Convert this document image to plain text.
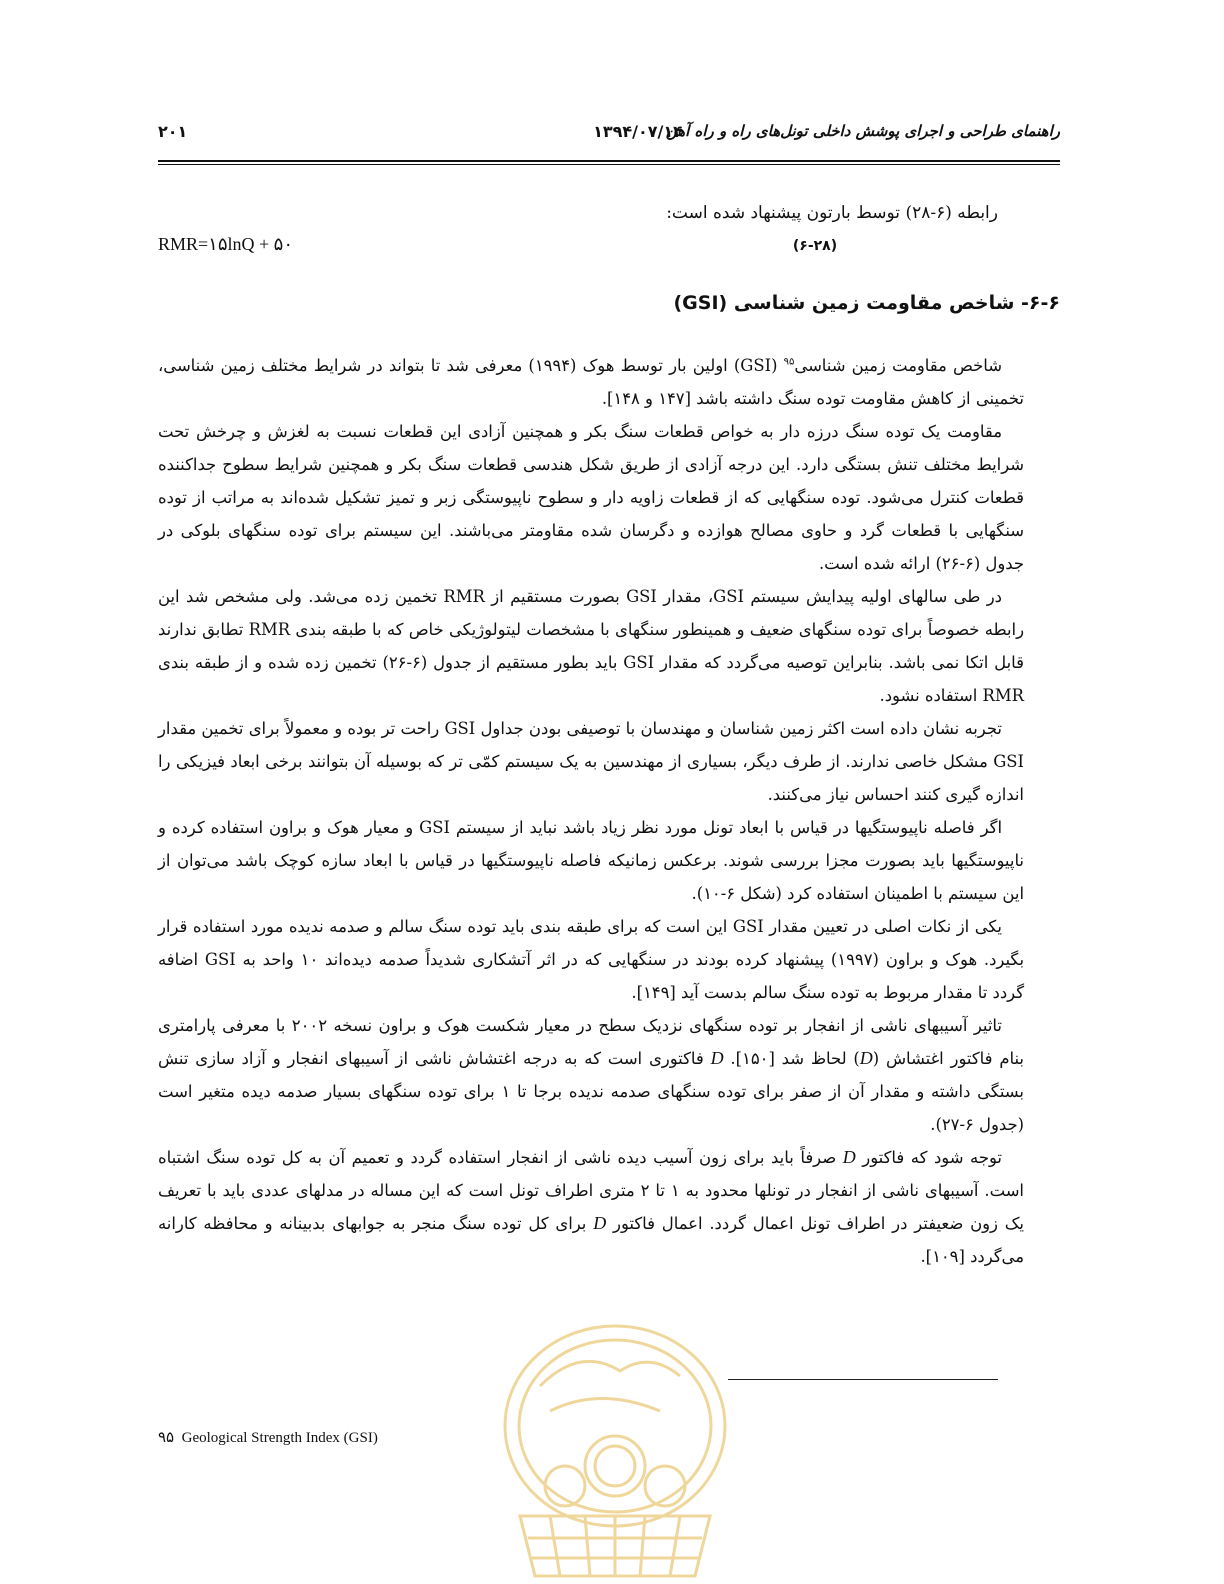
راهنمای طراحی و اجرای پوشش داخلی تونل‌های راه و راه آهن
۱۳۹۴/۰۷/۱۴
۲۰۱
رابطه (۶-۲۸) توسط بارتون پیشنهاد شده است:
RMR=۱۵lnQ + ۵۰	(۶-۲۸)
۶-۶- شاخص مقاومت زمین شناسی (GSI)

شاخص مقاومت زمین شناسی$^{۹۵}$ (GSI) اولین بار توسط هوک (۱۹۹۴) معرفی شد تا بتواند در شرایط مختلف زمین شناسی، تخمینی از کاهش مقاومت توده سنگ داشته باشد [۱۴۷ و ۱۴۸].

مقاومت یک توده سنگ درزه دار به خواص قطعات سنگ بکر و همچنین آزادی این قطعات نسبت به لغزش و چرخش تحت شرایط مختلف تنش بستگی دارد. این درجه آزادی از طریق شکل هندسی قطعات سنگ بکر و همچنین شرایط سطوح جداکننده قطعات کنترل می‌شود. توده سنگهایی که از قطعات زاویه دار و سطوح ناپیوستگی زبر و تمیز تشکیل شده‌اند به مراتب از توده سنگهایی با قطعات گرد و حاوی مصالح هوازده و دگرسان شده مقاومتر می‌باشند. این سیستم برای توده سنگهای بلوکی در جدول (۶-۲۶) ارائه شده است.

در طی سالهای اولیه پیدایش سیستم GSI، مقدار GSI بصورت مستقیم از RMR تخمین زده می‌شد. ولی مشخص شد این رابطه خصوصاً برای توده سنگهای ضعیف و همینطور سنگهای با مشخصات لیتولوژیکی خاص که با طبقه بندی RMR تطابق ندارند قابل اتکا نمی باشد. بنابراین توصیه می‌گردد که مقدار GSI باید بطور مستقیم از جدول (۶-۲۶) تخمین زده شده و از طبقه بندی RMR استفاده نشود.

تجربه نشان داده است اکثر زمین شناسان و مهندسان با توصیفی بودن جداول GSI راحت تر بوده و معمولاً برای تخمین مقدار GSI مشکل خاصی ندارند. از طرف دیگر، بسیاری از مهندسین به یک سیستم کمّی تر که بوسیله آن بتوانند برخی ابعاد فیزیکی را اندازه گیری کنند احساس نیاز می‌کنند.

اگر فاصله ناپیوستگیها در قیاس با ابعاد تونل مورد نظر زیاد باشد نباید از سیستم GSI و معیار هوک و براون استفاده کرده و ناپیوستگیها باید بصورت مجزا بررسی شوند. برعکس زمانیکه فاصله ناپیوستگیها در قیاس با ابعاد سازه کوچک باشد می‌توان از این سیستم با اطمینان استفاده کرد (شکل ۶-۱۰).

یکی از نکات اصلی در تعیین مقدار GSI این است که برای طبقه بندی باید توده سنگ سالم و صدمه ندیده مورد استفاده قرار بگیرد. هوک و براون (۱۹۹۷) پیشنهاد کرده بودند در سنگهایی که در اثر آتشکاری شدیداً صدمه دیده‌اند ۱۰ واحد به GSI اضافه گردد تا مقدار مربوط به توده سنگ سالم بدست آید [۱۴۹].

تاثیر آسیبهای ناشی از انفجار بر توده سنگهای نزدیک سطح در معیار شکست هوک و براون نسخه ۲۰۰۲ با معرفی پارامتری بنام فاکتور اغتشاش (D) لحاظ شد [۱۵۰]. D فاکتوری است که به درجه اغتشاش ناشی از آسیبهای انفجار و آزاد سازی تنش بستگی داشته و مقدار آن از صفر برای توده سنگهای صدمه ندیده برجا تا ۱ برای توده سنگهای بسیار صدمه دیده متغیر است (جدول ۶-۲۷).

توجه شود که فاکتور D صرفاً باید برای زون آسیب دیده ناشی از انفجار استفاده گردد و تعمیم آن به کل توده سنگ اشتباه است. آسیبهای ناشی از انفجار در تونلها محدود به ۱ تا ۲ متری اطراف تونل است که این مساله در مدلهای عددی باید با تعریف یک زون ضعیفتر در اطراف تونل اعمال گردد. اعمال فاکتور D برای کل توده سنگ منجر به جوابهای بدبینانه و محافظه کارانه می‌گردد [۱۰۹].

۹۵ Geological Strength Index (GSI)
